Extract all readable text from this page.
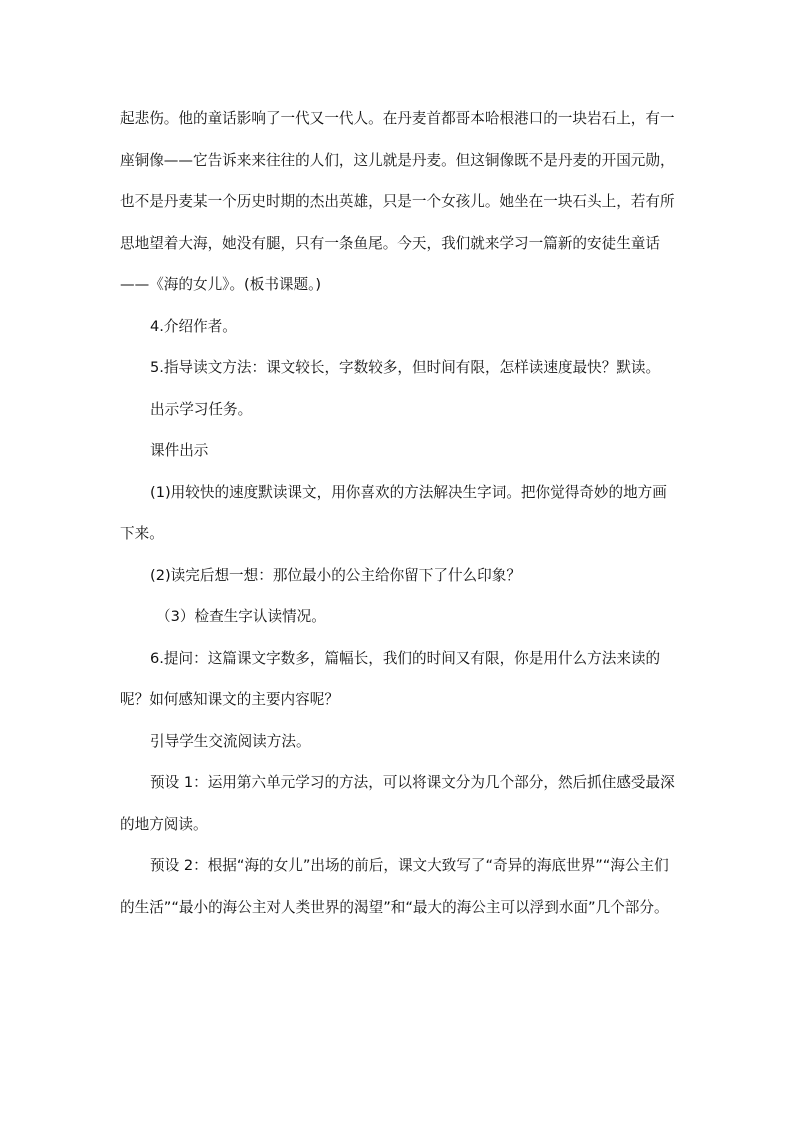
起悲伤。他的童话影响了一代又一代人。在丹麦首都哥本哈根港口的一块岩石上，有一座铜像——它告诉来来往往的人们，这儿就是丹麦。但这铜像既不是丹麦的开国元勋，也不是丹麦某一个历史时期的杰出英雄，只是一个女孩儿。她坐在一块石头上，若有所思地望着大海，她没有腿，只有一条鱼尾。今天，我们就来学习一篇新的安徒生童话——《海的女儿》。(板书课题。)

4.介绍作者。

5.指导读文方法：课文较长，字数较多，但时间有限，怎样读速度最快？默读。

出示学习任务。

课件出示

(1)用较快的速度默读课文，用你喜欢的方法解决生字词。把你觉得奇妙的地方画下来。

(2)读完后想一想：那位最小的公主给你留下了什么印象？

（3）检查生字认读情况。

6.提问：这篇课文字数多，篇幅长，我们的时间又有限，你是用什么方法来读的呢？如何感知课文的主要内容呢？

引导学生交流阅读方法。

预设 1：运用第六单元学习的方法，可以将课文分为几个部分，然后抓住感受最深的地方阅读。

预设 2：根据“海的女儿”出场的前后，课文大致写了“奇异的海底世界”“海公主们的生活”“最小的海公主对人类世界的渴望”和“最大的海公主可以浮到水面”几个部分。
